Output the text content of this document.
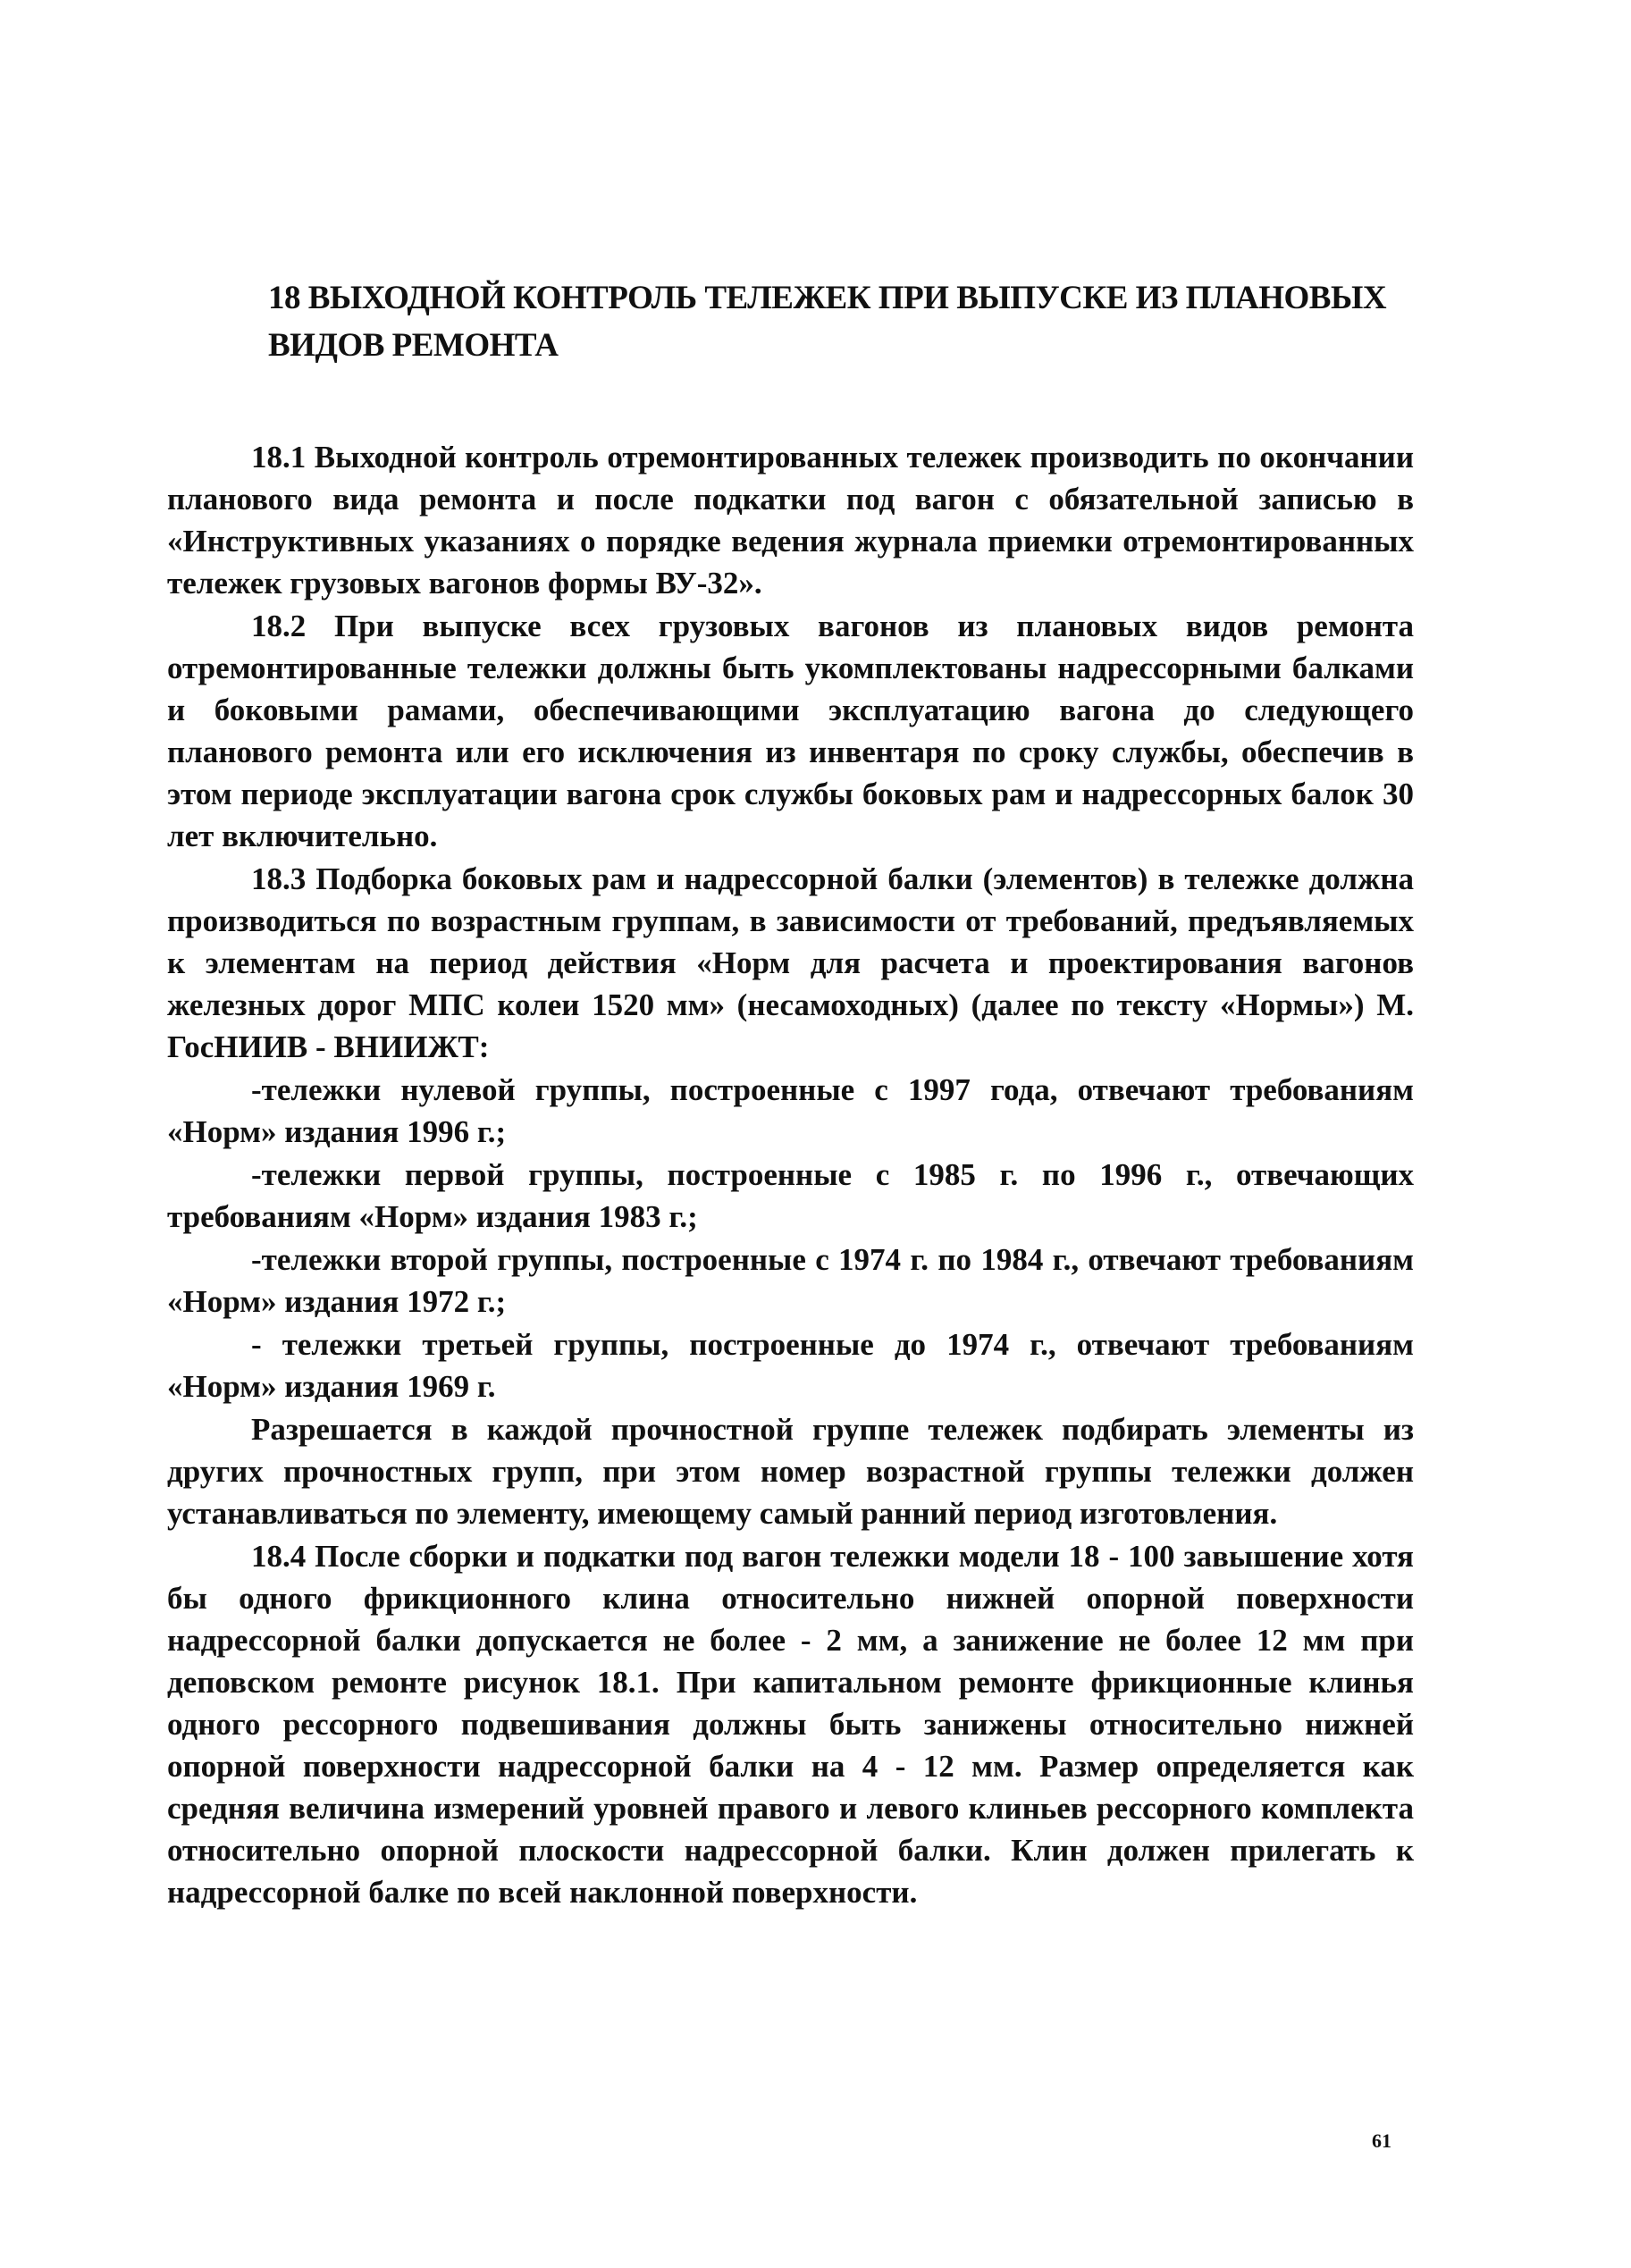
18 ВЫХОДНОЙ КОНТРОЛЬ ТЕЛЕЖЕК ПРИ ВЫПУСКЕ ИЗ ПЛАНОВЫХ ВИДОВ РЕМОНТА

18.1 Выходной контроль отремонтированных тележек производить по окончании планового вида ремонта и после подкатки под вагон с обязательной записью в «Инструктивных указаниях о порядке ведения журнала приемки отремонтированных тележек грузовых вагонов формы ВУ-32».

18.2 При выпуске всех грузовых вагонов из плановых видов ремонта отремонтированные тележки должны быть укомплектованы надрессорными балками и боковыми рамами, обеспечивающими эксплуатацию вагона до следующего планового ремонта или его исключения из инвентаря по сроку службы, обеспечив в этом периоде эксплуатации вагона срок службы боковых рам и надрессорных балок 30 лет включительно.

18.3 Подборка боковых рам и надрессорной балки (элементов) в тележке должна производиться по возрастным группам, в зависимости от требований, предъявляемых к элементам на период действия «Норм для расчета и проектирования вагонов железных дорог МПС колеи 1520 мм» (несамоходных) (далее по тексту «Нормы») М. ГосНИИВ - ВНИИЖТ:

-тележки нулевой группы, построенные с 1997 года, отвечают требованиям «Норм» издания 1996 г.;

-тележки первой группы, построенные с 1985 г. по 1996 г., отвечающих требованиям «Норм» издания 1983 г.;

-тележки второй группы, построенные с 1974 г. по 1984 г., отвечают требованиям «Норм» издания 1972 г.;

- тележки третьей группы, построенные до 1974 г., отвечают требованиям «Норм» издания 1969 г.

Разрешается в каждой прочностной группе тележек подбирать элементы из других прочностных групп, при этом номер возрастной группы тележки должен устанавливаться по элементу, имеющему самый ранний период изготовления.

18.4 После сборки и подкатки под вагон тележки модели 18 - 100 завышение хотя бы одного фрикционного клина относительно нижней опорной поверхности надрессорной балки допускается не более - 2 мм, а занижение не более 12 мм при деповском ремонте рисунок 18.1. При капитальном ремонте фрикционные клинья одного рессорного подвешивания должны быть занижены относительно нижней опорной поверхности надрессорной балки на 4 - 12 мм. Размер определяется как средняя величина измерений уровней правого и левого клиньев рессорного комплекта относительно опорной плоскости надрессорной балки. Клин должен прилегать к надрессорной балке по всей наклонной поверхности.

61
